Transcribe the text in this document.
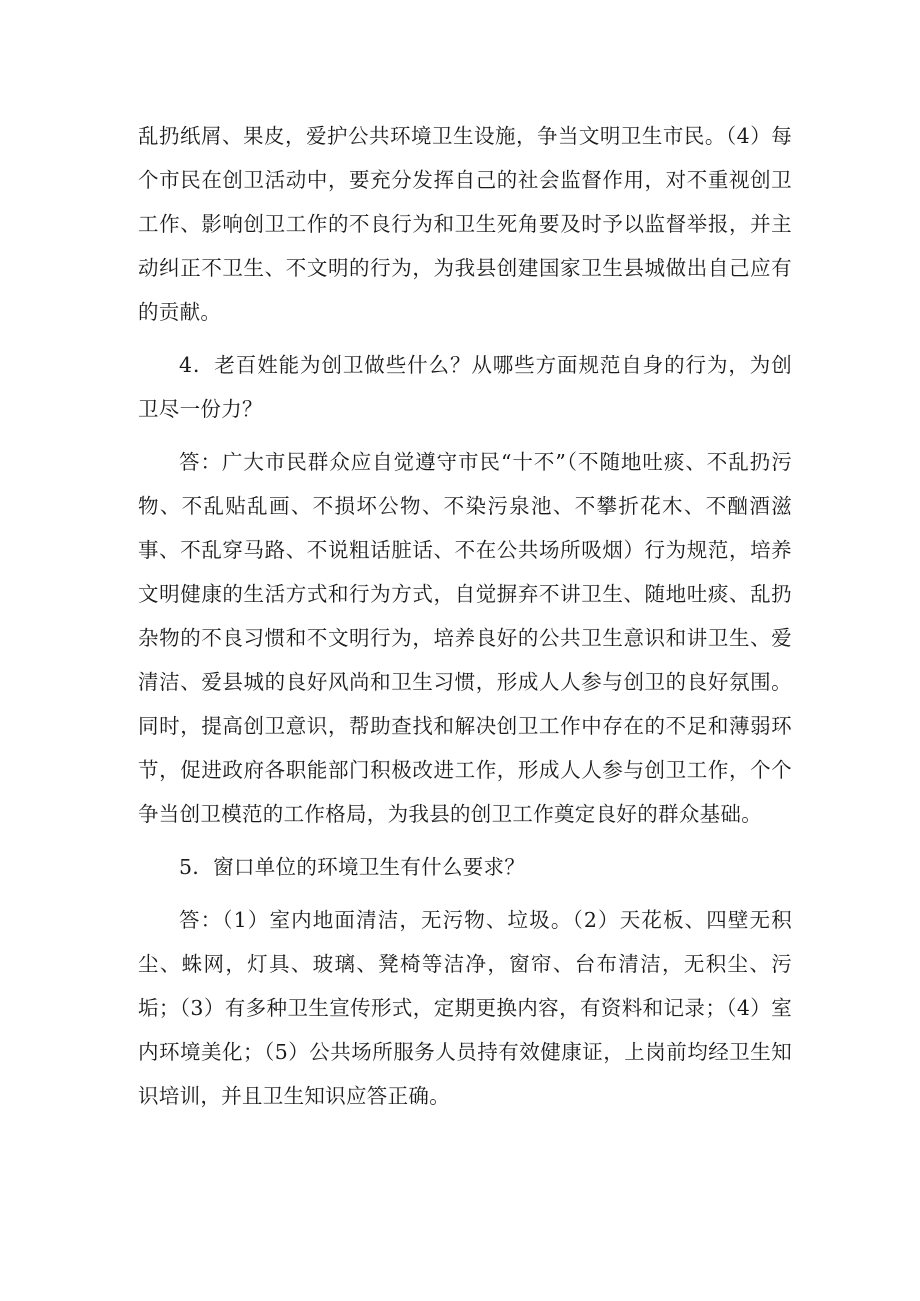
乱扔纸屑、果皮，爱护公共环境卫生设施，争当文明卫生市民。（4）每个市民在创卫活动中，要充分发挥自己的社会监督作用，对不重视创卫工作、影响创卫工作的不良行为和卫生死角要及时予以监督举报，并主动纠正不卫生、不文明的行为，为我县创建国家卫生县城做出自己应有的贡献。

4．老百姓能为创卫做些什么？从哪些方面规范自身的行为，为创卫尽一份力？

答：广大市民群众应自觉遵守市民“十不”（不随地吐痰、不乱扔污物、不乱贴乱画、不损坏公物、不染污泉池、不攀折花木、不酗酒滋事、不乱穿马路、不说粗话脏话、不在公共场所吸烟）行为规范，培养文明健康的生活方式和行为方式，自觉摒弃不讲卫生、随地吐痰、乱扔杂物的不良习惯和不文明行为，培养良好的公共卫生意识和讲卫生、爱清洁、爱县城的良好风尚和卫生习惯，形成人人参与创卫的良好氛围。同时，提高创卫意识，帮助查找和解决创卫工作中存在的不足和薄弱环节，促进政府各职能部门积极改进工作，形成人人参与创卫工作，个个争当创卫模范的工作格局，为我县的创卫工作奠定良好的群众基础。

5．窗口单位的环境卫生有什么要求？

答：（1）室内地面清洁，无污物、垃圾。（2）天花板、四壁无积尘、蛛网，灯具、玻璃、凳椅等洁净，窗帘、台布清洁，无积尘、污垢；（3）有多种卫生宣传形式，定期更换内容，有资料和记录；（4）室内环境美化；（5）公共场所服务人员持有效健康证，上岗前均经卫生知识培训，并且卫生知识应答正确。
